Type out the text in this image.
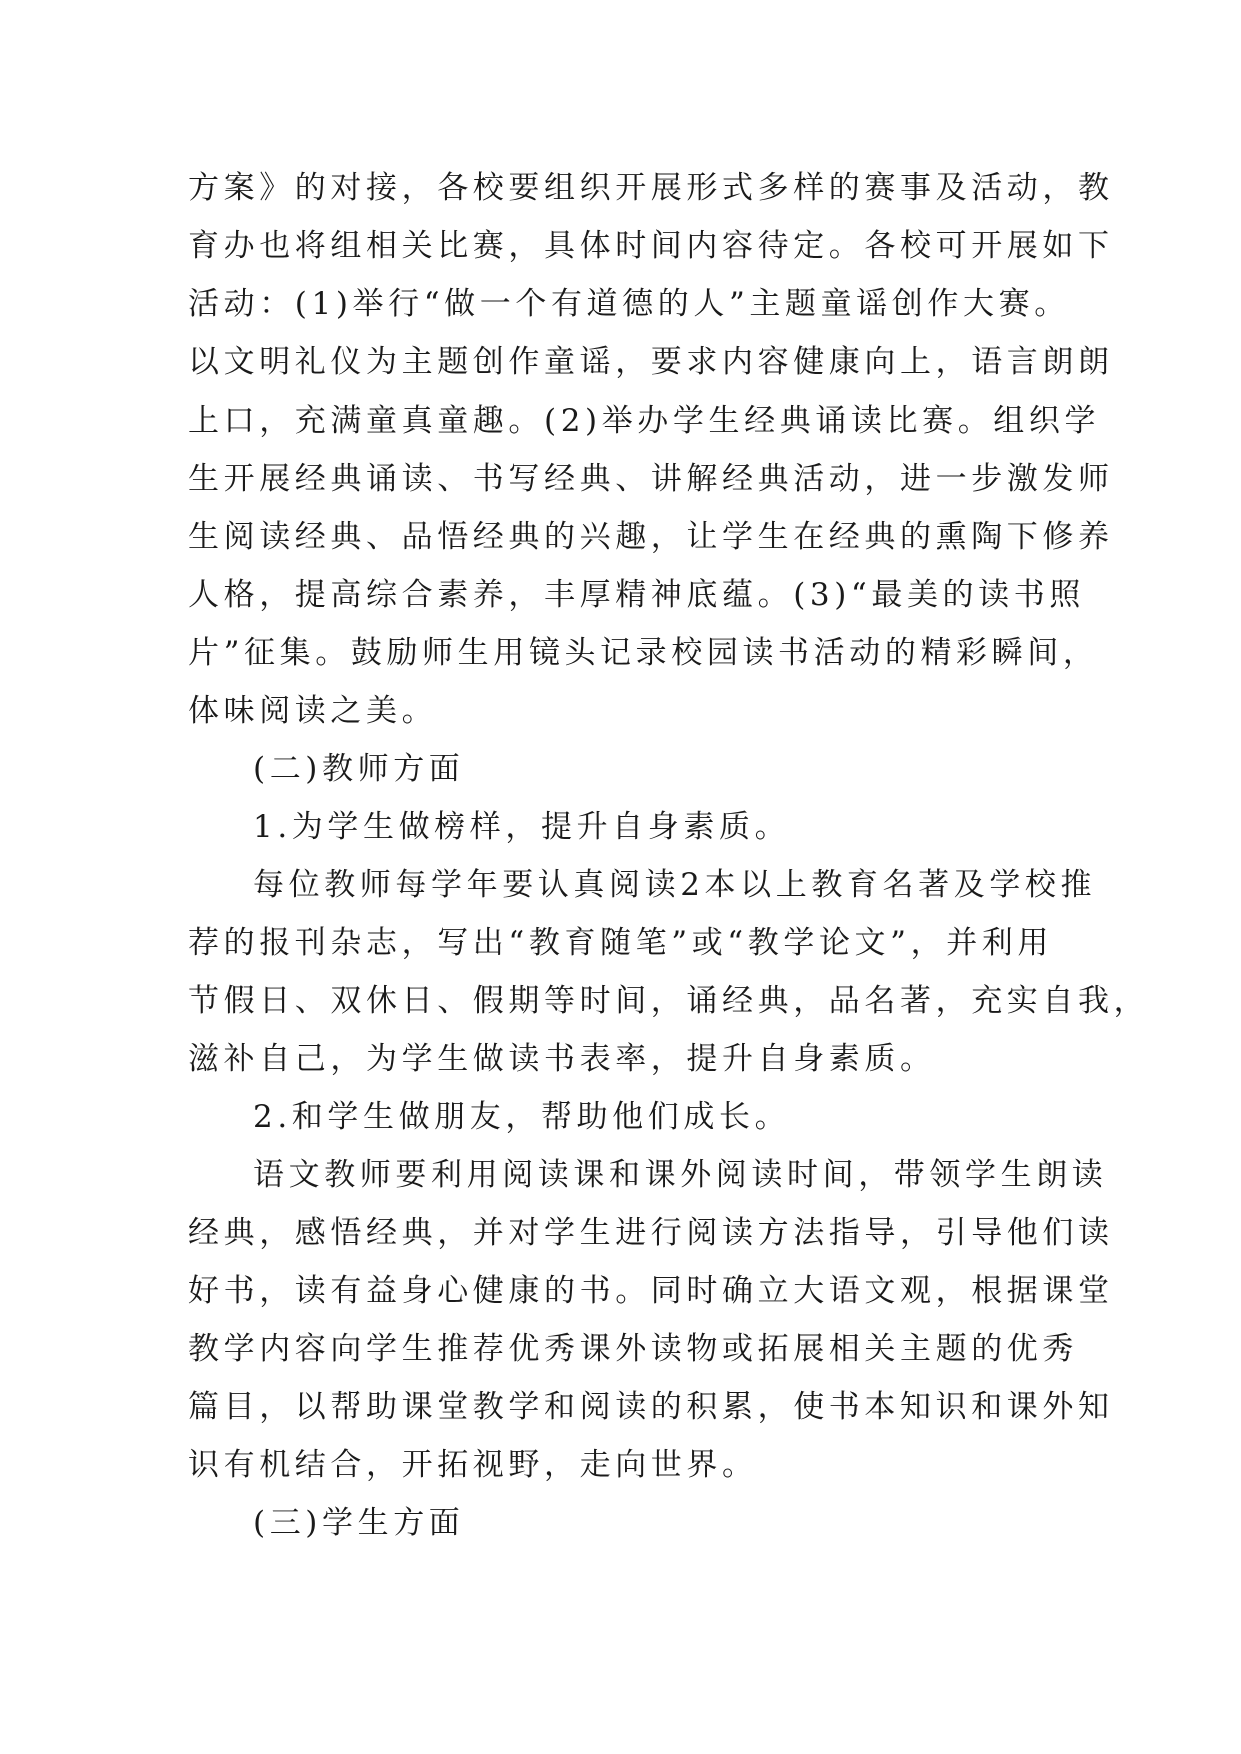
方案》的对接，各校要组织开展形式多样的赛事及活动，教
育办也将组相关比赛，具体时间内容待定。各校可开展如下
活动：(1)举行“做一个有道德的人”主题童谣创作大赛。
以文明礼仪为主题创作童谣，要求内容健康向上，语言朗朗
上口，充满童真童趣。(2)举办学生经典诵读比赛。组织学
生开展经典诵读、书写经典、讲解经典活动，进一步激发师
生阅读经典、品悟经典的兴趣，让学生在经典的熏陶下修养
人格，提高综合素养，丰厚精神底蕴。(3)“最美的读书照
片”征集。鼓励师生用镜头记录校园读书活动的精彩瞬间，
体味阅读之美。
(二)教师方面
1.为学生做榜样，提升自身素质。
每位教师每学年要认真阅读2本以上教育名著及学校推
荐的报刊杂志，写出“教育随笔”或“教学论文”，并利用
节假日、双休日、假期等时间，诵经典，品名著，充实自我，
滋补自己，为学生做读书表率，提升自身素质。
2.和学生做朋友，帮助他们成长。
语文教师要利用阅读课和课外阅读时间，带领学生朗读
经典，感悟经典，并对学生进行阅读方法指导，引导他们读
好书，读有益身心健康的书。同时确立大语文观，根据课堂
教学内容向学生推荐优秀课外读物或拓展相关主题的优秀
篇目，以帮助课堂教学和阅读的积累，使书本知识和课外知
识有机结合，开拓视野，走向世界。
(三)学生方面
